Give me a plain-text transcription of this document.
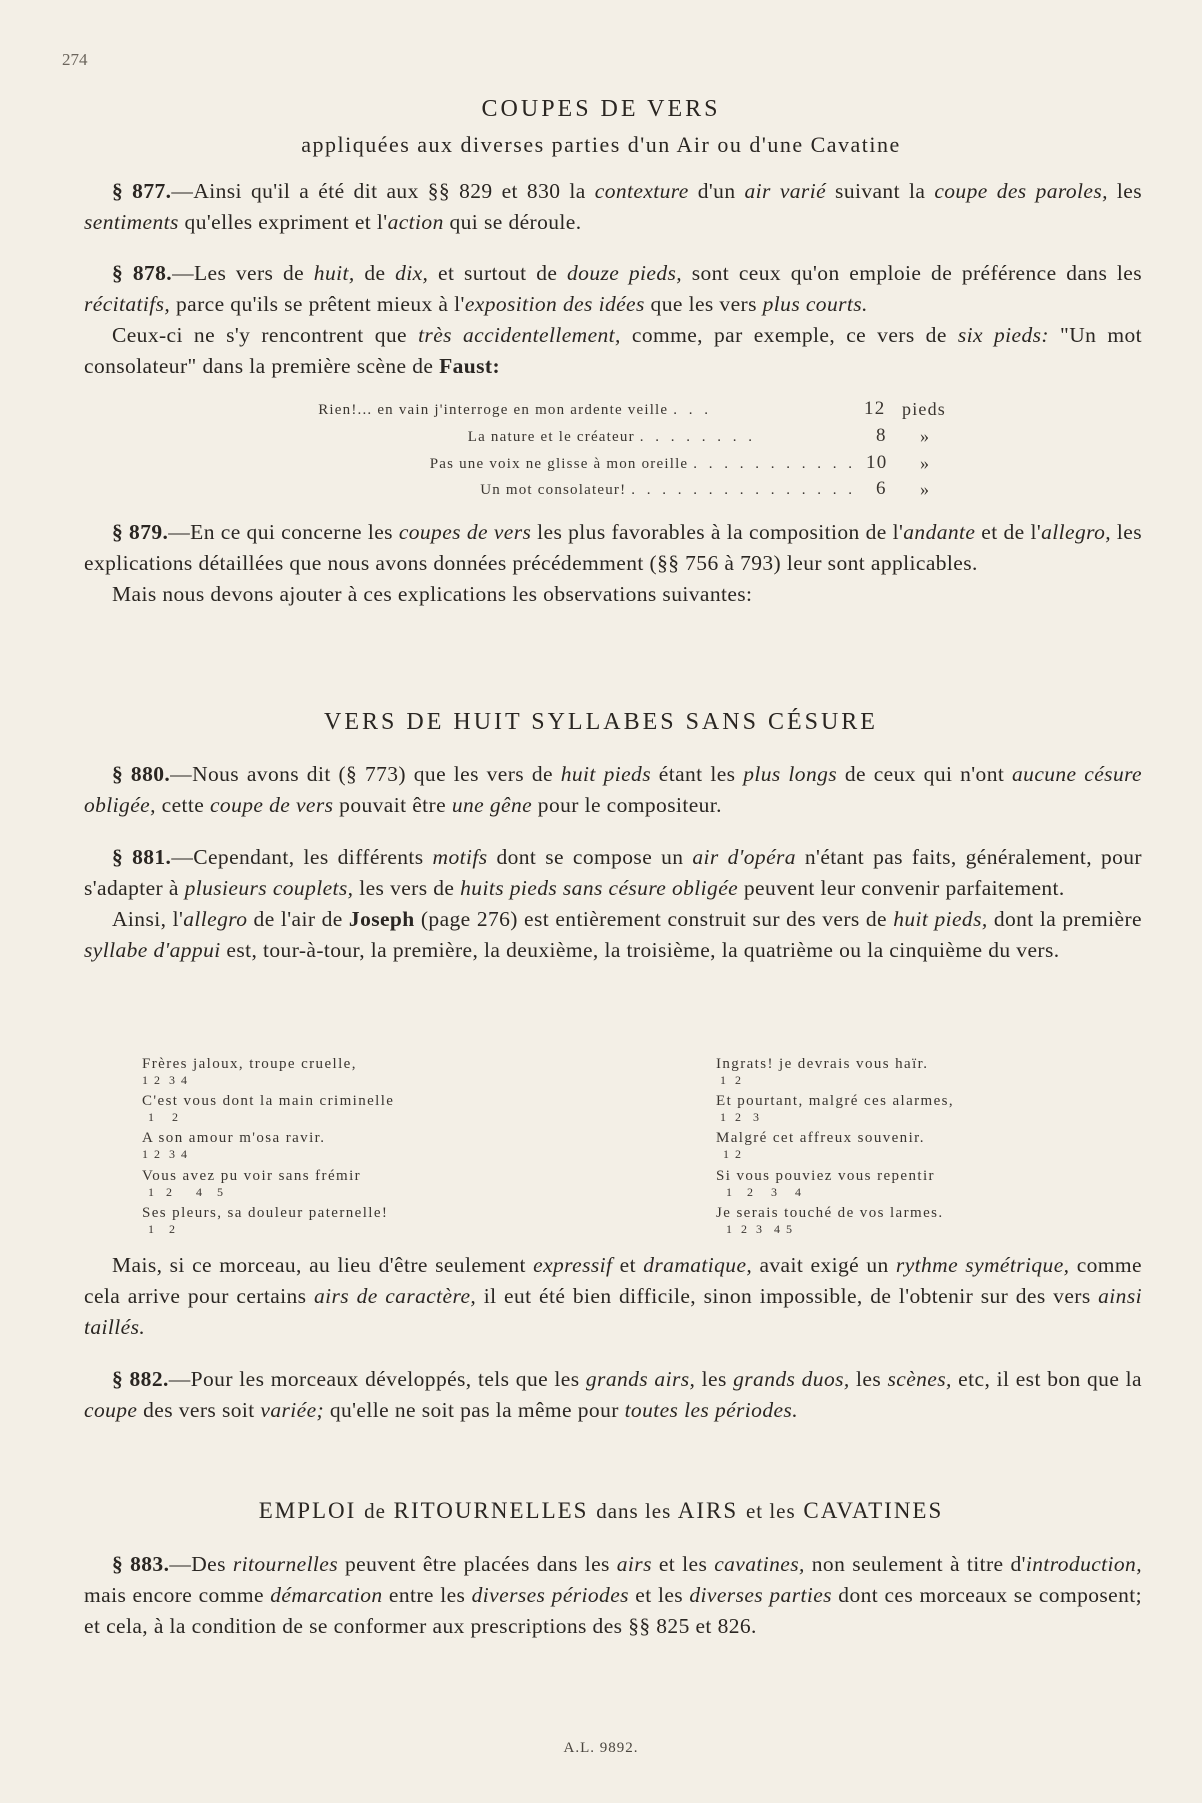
274
COUPES DE VERS
appliquées aux diverses parties d'un Air ou d'une Cavatine
§ 877.—Ainsi qu'il a été dit aux §§ 829 et 830 la contexture d'un air varié suivant la coupe des paroles, les sentiments qu'elles expriment et l'action qui se déroule.
§ 878.—Les vers de huit, de dix, et surtout de douze pieds, sont ceux qu'on emploie de préférence dans les récitatifs, parce qu'ils se prêtent mieux à l'exposition des idées que les vers plus courts.
Ceux-ci ne s'y rencontrent que très accidentellement, comme, par exemple, ce vers de six pieds: "Un mot consolateur" dans la première scène de Faust:
Rien!... en vain j'interroge en mon ardente veille . . .	12 pieds
La nature et le créateur . . . . . . . .	8 »
Pas une voix ne glisse à mon oreille . . . . . . . . . . . 10 »
Un mot consolateur! . . . . . . . . . . . . . . . 6 »
§ 879.—En ce qui concerne les coupes de vers les plus favorables à la composition de l'andante et de l'allegro, les explications détaillées que nous avons données précédemment (§§ 756 à 793) leur sont applicables.
Mais nous devons ajouter à ces explications les observations suivantes:
VERS DE HUIT SYLLABES SANS CÉSURE
§ 880.—Nous avons dit (§ 773) que les vers de huit pieds étant les plus longs de ceux qui n'ont aucune césure obligée, cette coupe de vers pouvait être une gêne pour le compositeur.
§ 881.—Cependant, les différents motifs dont se compose un air d'opéra n'étant pas faits, généralement, pour s'adapter à plusieurs couplets, les vers de huits pieds sans césure obligée peuvent leur convenir parfaitement.
Ainsi, l'allegro de l'air de Joseph (page 276) est entièrement construit sur des vers de huit pieds, dont la première syllabe d'appui est, tour-à-tour, la première, la deuxième, la troisième, la quatrième ou la cinquième du vers.
Frères jaloux, troupe cruelle,
1  2   3  4
C'est vous dont la main criminelle
1      2
A son amour m'osa ravir.
1  2   3  4
Vous avez pu voir sans frémir
1    2        4     5
Ses pleurs, sa douleur paternelle!
1     2
Ingrats! je devrais vous haïr.
1   2
Et pourtant, malgré ces alarmes,
1   2    3
Malgré cet affreux souvenir.
1  2
Si vous pouviez vous repentir
1     2      3      4
Je serais touché de vos larmes.
1   2   3    4  5
Mais, si ce morceau, au lieu d'être seulement expressif et dramatique, avait exigé un rythme symétrique, comme cela arrive pour certains airs de caractère, il eut été bien difficile, sinon impossible, de l'obtenir sur des vers ainsi taillés.
§ 882.—Pour les morceaux développés, tels que les grands airs, les grands duos, les scènes, etc, il est bon que la coupe des vers soit variée; qu'elle ne soit pas la même pour toutes les périodes.
EMPLOI de RITOURNELLES dans les AIRS et les CAVATINES
§ 883.—Des ritournelles peuvent être placées dans les airs et les cavatines, non seulement à titre d'introduction, mais encore comme démarcation entre les diverses périodes et les diverses parties dont ces morceaux se composent; et cela, à la condition de se conformer aux prescriptions des §§ 825 et 826.
A.L. 9892.
